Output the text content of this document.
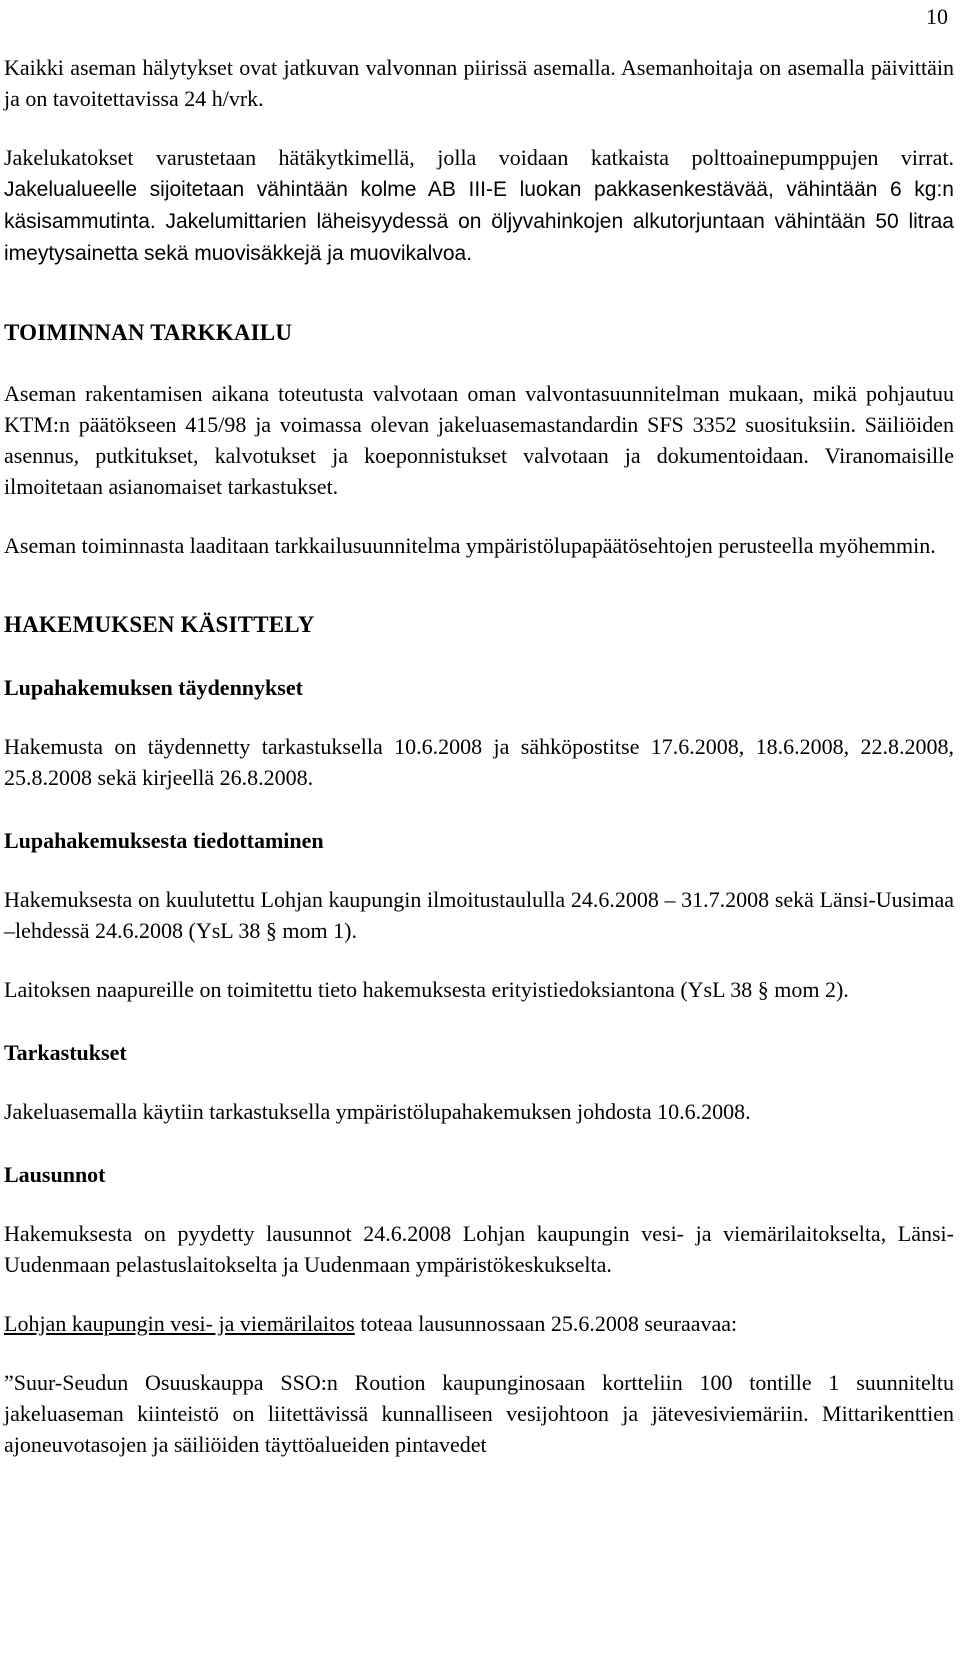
10

Kaikki aseman hälytykset ovat jatkuvan valvonnan piirissä asemalla. Asemanhoitaja on asemalla päivittäin ja on tavoitettavissa 24 h/vrk.

Jakelukatokset varustetaan hätäkytkimellä, jolla voidaan katkaista polttoainepumppujen virrat. Jakelualueelle sijoitetaan vähintään kolme AB III-E luokan pakkasenkestävää, vähintään 6 kg:n käsisammutinta. Jakelumittarien läheisyydessä on öljyvahinkojen alkutorjuntaan vähintään 50 litraa imeytysainetta sekä muovisäkkejä ja muovikalvoa.

TOIMINNAN TARKKAILU

Aseman rakentamisen aikana toteutusta valvotaan oman valvontasuunnitelman mukaan, mikä pohjautuu KTM:n päätökseen 415/98 ja voimassa olevan jakeluasemastandardin SFS 3352 suosituksiin. Säiliöiden asennus, putkitukset, kalvotukset ja koeponnistukset valvotaan ja dokumentoidaan. Viranomaisille ilmoitetaan asianomaiset tarkastukset.

Aseman toiminnasta laaditaan tarkkailusuunnitelma ympäristölupapäätösehtojen perusteella myöhemmin.

HAKEMUKSEN KÄSITTELY
Lupahakemuksen täydennykset

Hakemusta on täydennetty tarkastuksella 10.6.2008 ja sähköpostitse 17.6.2008, 18.6.2008, 22.8.2008, 25.8.2008 sekä kirjeellä 26.8.2008.

Lupahakemuksesta tiedottaminen

Hakemuksesta on kuulutettu Lohjan kaupungin ilmoitustaululla 24.6.2008 – 31.7.2008 sekä Länsi-Uusimaa –lehdessä 24.6.2008 (YsL 38 § mom 1).

Laitoksen naapureille on toimitettu tieto hakemuksesta erityistiedoksiantona (YsL 38 § mom 2).

Tarkastukset

Jakeluasemalla käytiin tarkastuksella ympäristölupahakemuksen johdosta 10.6.2008.

Lausunnot

Hakemuksesta on pyydetty lausunnot 24.6.2008 Lohjan kaupungin vesi- ja viemärilaitokselta, Länsi-Uudenmaan pelastuslaitokselta ja Uudenmaan ympäristökeskukselta.

Lohjan kaupungin vesi- ja viemärilaitos toteaa lausunnossaan 25.6.2008 seuraavaa:

”Suur-Seudun Osuuskauppa SSO:n Roution kaupunginosaan kortteliin 100 tontille 1 suunniteltu jakeluaseman kiinteistö on liitettävissä kunnalliseen vesijohtoon ja jätevesiviemäriin. Mittarikenttien ajoneuvotasojen ja säiliöiden täyttöalueiden pintavedet
